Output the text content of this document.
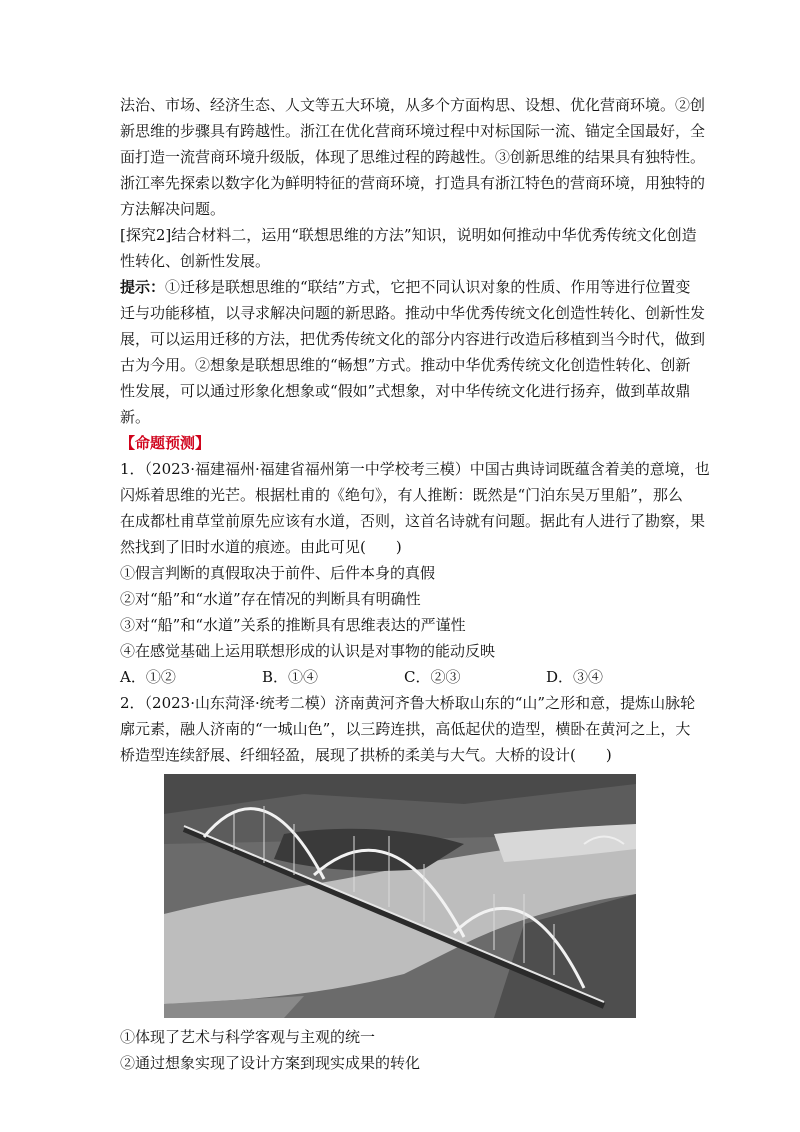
法治、市场、经济生态、人文等五大环境，从多个方面构思、设想、优化营商环境。②创
新思维的步骤具有跨越性。浙江在优化营商环境过程中对标国际一流、锚定全国最好，全
面打造一流营商环境升级版，体现了思维过程的跨越性。③创新思维的结果具有独特性。
浙江率先探索以数字化为鲜明特征的营商环境，打造具有浙江特色的营商环境，用独特的
方法解决问题。
[探究2]结合材料二，运用“联想思维的方法”知识，说明如何推动中华优秀传统文化创造
性转化、创新性发展。
提示：①迁移是联想思维的“联结”方式，它把不同认识对象的性质、作用等进行位置变
迁与功能移植，以寻求解决问题的新思路。推动中华优秀传统文化创造性转化、创新性发
展，可以运用迁移的方法，把优秀传统文化的部分内容进行改造后移植到当今时代，做到
古为今用。②想象是联想思维的“畅想”方式。推动中华优秀传统文化创造性转化、创新
性发展，可以通过形象化想象或“假如”式想象，对中华传统文化进行扬弃，做到革故鼎
新。
【命题预测】
1．（2023·福建福州·福建省福州第一中学校考三模）中国古典诗词既蕴含着美的意境，也
闪烁着思维的光芒。根据杜甫的《绝句》，有人推断：既然是“门泊东吴万里船”，那么
在成都杜甫草堂前原先应该有水道，否则，这首名诗就有问题。据此有人进行了勘察，果
然找到了旧时水道的痕迹。由此可见(　　)
①假言判断的真假取决于前件、后件本身的真假
②对“船”和“水道”存在情况的判断具有明确性
③对“船”和“水道”关系的推断具有思维表达的严谨性
④在感觉基础上运用联想形成的认识是对事物的能动反映
A．①②	B．①④	C．②③	D．③④
2．（2023·山东菏泽·统考二模）济南黄河齐鲁大桥取山东的“山”之形和意，提炼山脉轮
廓元素，融人济南的“一城山色”，以三跨连拱，高低起伏的造型，横卧在黄河之上，大
桥造型连续舒展、纤细轻盈，展现了拱桥的柔美与大气。大桥的设计(　　)
①体现了艺术与科学客观与主观的统一
②通过想象实现了设计方案到现实成果的转化
